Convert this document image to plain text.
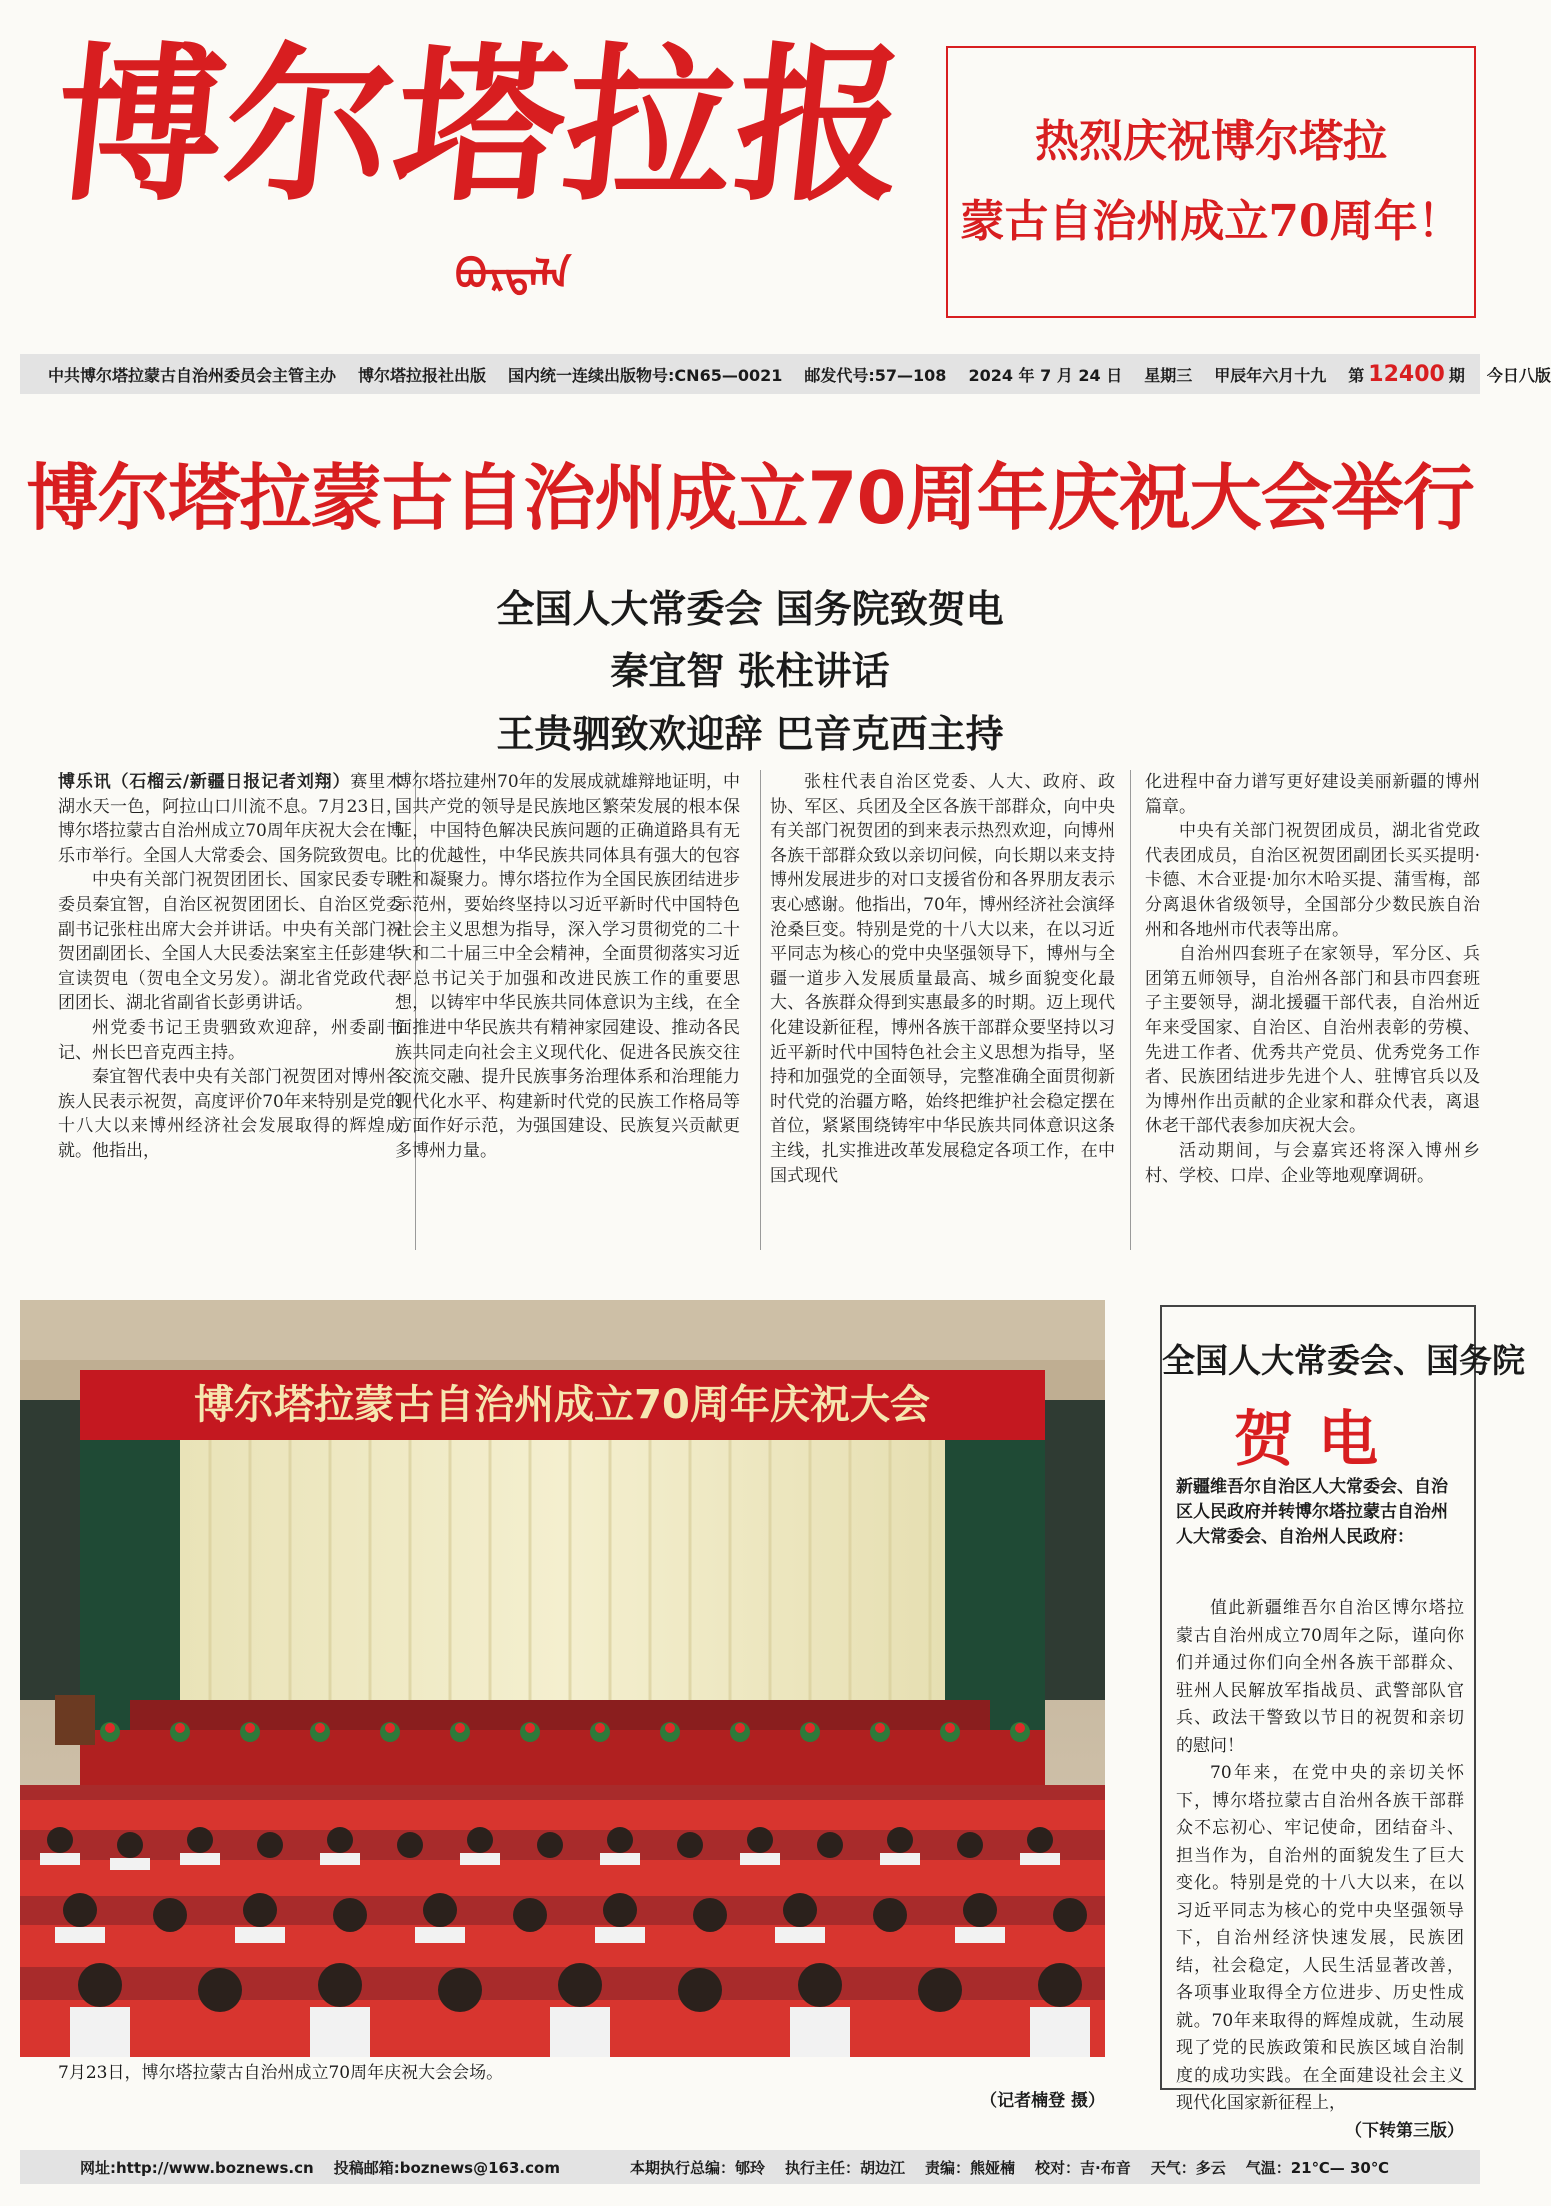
博尔塔拉报
ᠪᠣᠷᠲᠠᠯᠠ
热烈庆祝博尔塔拉
蒙古自治州成立70周年！
中共博尔塔拉蒙古自治州委员会主管主办 博尔塔拉报社出版 国内统一连续出版物号:CN65—0021 邮发代号:57—108 2024 年 7 月 24 日 星期三 甲辰年六月十九 第 12400 期 今日八版
博尔塔拉蒙古自治州成立70周年庆祝大会举行
全国人大常委会 国务院致贺电
秦宜智 张柱讲话
王贵驷致欢迎辞 巴音克西主持

博乐讯（石榴云/新疆日报记者刘翔）赛里木湖水天一色，阿拉山口川流不息。7月23日，博尔塔拉蒙古自治州成立70周年庆祝大会在博乐市举行。全国人大常委会、国务院致贺电。

中央有关部门祝贺团团长、国家民委专职委员秦宜智，自治区祝贺团团长、自治区党委副书记张柱出席大会并讲话。中央有关部门祝贺团副团长、全国人大民委法案室主任彭建华宣读贺电（贺电全文另发）。湖北省党政代表团团长、湖北省副省长彭勇讲话。

州党委书记王贵驷致欢迎辞，州委副书记、州长巴音克西主持。

秦宜智代表中央有关部门祝贺团对博州各族人民表示祝贺，高度评价70年来特别是党的十八大以来博州经济社会发展取得的辉煌成就。他指出，

博尔塔拉建州70年的发展成就雄辩地证明，中国共产党的领导是民族地区繁荣发展的根本保证，中国特色解决民族问题的正确道路具有无比的优越性，中华民族共同体具有强大的包容性和凝聚力。博尔塔拉作为全国民族团结进步示范州，要始终坚持以习近平新时代中国特色社会主义思想为指导，深入学习贯彻党的二十大和二十届三中全会精神，全面贯彻落实习近平总书记关于加强和改进民族工作的重要思想，以铸牢中华民族共同体意识为主线，在全面推进中华民族共有精神家园建设、推动各民族共同走向社会主义现代化、促进各民族交往交流交融、提升民族事务治理体系和治理能力现代化水平、构建新时代党的民族工作格局等方面作好示范，为强国建设、民族复兴贡献更多博州力量。

张柱代表自治区党委、人大、政府、政协、军区、兵团及全区各族干部群众，向中央有关部门祝贺团的到来表示热烈欢迎，向博州各族干部群众致以亲切问候，向长期以来支持博州发展进步的对口支援省份和各界朋友表示衷心感谢。他指出，70年，博州经济社会演绎沧桑巨变。特别是党的十八大以来，在以习近平同志为核心的党中央坚强领导下，博州与全疆一道步入发展质量最高、城乡面貌变化最大、各族群众得到实惠最多的时期。迈上现代化建设新征程，博州各族干部群众要坚持以习近平新时代中国特色社会主义思想为指导，坚持和加强党的全面领导，完整准确全面贯彻新时代党的治疆方略，始终把维护社会稳定摆在首位，紧紧围绕铸牢中华民族共同体意识这条主线，扎实推进改革发展稳定各项工作，在中国式现代

化进程中奋力谱写更好建设美丽新疆的博州篇章。

中央有关部门祝贺团成员，湖北省党政代表团成员，自治区祝贺团副团长买买提明·卡德、木合亚提·加尔木哈买提、蒲雪梅，部分离退休省级领导，全国部分少数民族自治州和各地州市代表等出席。

自治州四套班子在家领导，军分区、兵团第五师领导，自治州各部门和县市四套班子主要领导，湖北援疆干部代表，自治州近年来受国家、自治区、自治州表彰的劳模、先进工作者、优秀共产党员、优秀党务工作者、民族团结进步先进个人、驻博官兵以及为博州作出贡献的企业家和群众代表，离退休老干部代表参加庆祝大会。

活动期间，与会嘉宾还将深入博州乡村、学校、口岸、企业等地观摩调研。

博尔塔拉蒙古自治州成立70周年庆祝大会
7月23日，博尔塔拉蒙古自治州成立70周年庆祝大会会场。
（记者楠登 摄）
全国人大常委会、国务院
贺电
新疆维吾尔自治区人大常委会、自治区人民政府并转博尔塔拉蒙古自治州人大常委会、自治州人民政府：

值此新疆维吾尔自治区博尔塔拉蒙古自治州成立70周年之际，谨向你们并通过你们向全州各族干部群众、驻州人民解放军指战员、武警部队官兵、政法干警致以节日的祝贺和亲切的慰问！

70年来，在党中央的亲切关怀下，博尔塔拉蒙古自治州各族干部群众不忘初心、牢记使命，团结奋斗、担当作为，自治州的面貌发生了巨大变化。特别是党的十八大以来，在以习近平同志为核心的党中央坚强领导下，自治州经济快速发展，民族团结，社会稳定，人民生活显著改善，各项事业取得全方位进步、历史性成就。70年来取得的辉煌成就，生动展现了党的民族政策和民族区域自治制度的成功实践。在全面建设社会主义现代化国家新征程上，

（下转第三版）
网址:http://www.boznews.cn 投稿邮箱:boznews@163.com	本期执行总编：郇玲 执行主任：胡边江 责编：熊娅楠 校对：吉·布音 天气：多云 气温：21℃— 30℃
